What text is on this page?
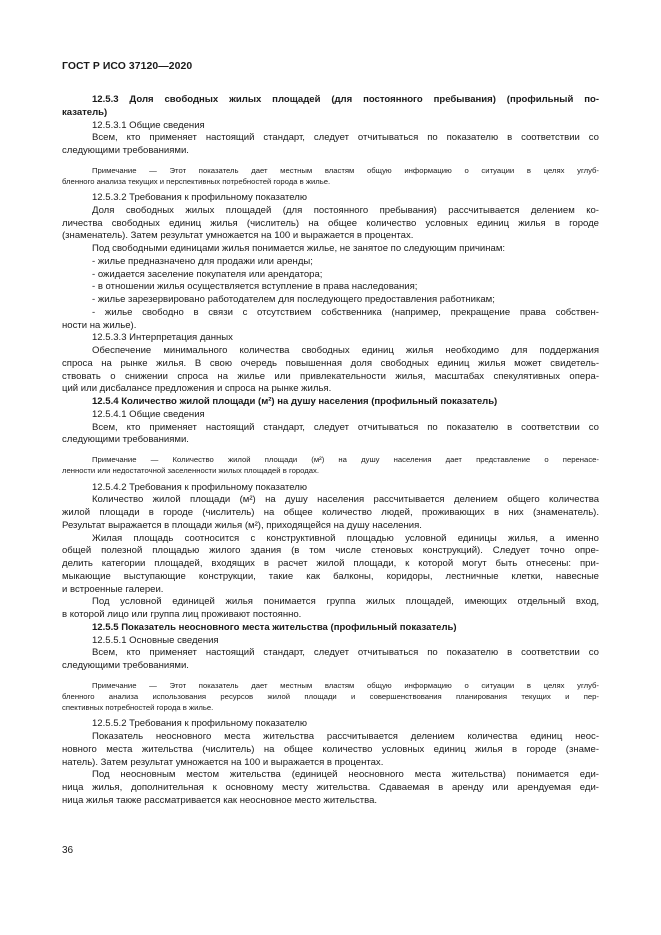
ГОСТ Р ИСО 37120—2020
12.5.3 Доля свободных жилых площадей (для постоянного пребывания) (профильный по-
казатель)
12.5.3.1 Общие сведения
Всем, кто применяет настоящий стандарт, следует отчитываться по показателю в соответствии со
следующими требованиями.
Примечание — Этот показатель дает местным властям общую информацию о ситуации в целях углуб-
бленного анализа текущих и перспективных потребностей города в жилье.
12.5.3.2 Требования к профильному показателю
Доля свободных жилых площадей (для постоянного пребывания) рассчитывается делением ко-
личества свободных единиц жилья (числитель) на общее количество условных единиц жилья в городе
(знаменатель). Затем результат умножается на 100 и выражается в процентах.
Под свободными единицами жилья понимается жилье, не занятое по следующим причинам:
- жилье предназначено для продажи или аренды;
- ожидается заселение покупателя или арендатора;
- в отношении жилья осуществляется вступление в права наследования;
- жилье зарезервировано работодателем для последующего предоставления работникам;
- жилье свободно в связи с отсутствием собственника (например, прекращение права собствен-
ности на жилье).
12.5.3.3 Интерпретация данных
Обеспечение минимального количества свободных единиц жилья необходимо для поддержания
спроса на рынке жилья. В свою очередь повышенная доля свободных единиц жилья может свидетель-
ствовать о снижении спроса на жилье или привлекательности жилья, масштабах спекулятивных опера-
ций или дисбалансе предложения и спроса на рынке жилья.
12.5.4 Количество жилой площади (м²) на душу населения (профильный показатель)
12.5.4.1 Общие сведения
Всем, кто применяет настоящий стандарт, следует отчитываться по показателю в соответствии со
следующими требованиями.
Примечание — Количество жилой площади (м²) на душу населения дает представление о перенасе-
ленности или недостаточной заселенности жилых площадей в городах.
12.5.4.2 Требования к профильному показателю
Количество жилой площади (м²) на душу населения рассчитывается делением общего количества
жилой площади в городе (числитель) на общее количество людей, проживающих в них (знаменатель).
Результат выражается в площади жилья (м²), приходящейся на душу населения.
Жилая площадь соотносится с конструктивной площадью условной единицы жилья, а именно
общей полезной площадью жилого здания (в том числе стеновых конструкций). Следует точно опре-
делить категории площадей, входящих в расчет жилой площади, к которой могут быть отнесены: при-
мыкающие выступающие конструкции, такие как балконы, коридоры, лестничные клетки, навесные
и встроенные галереи.
Под условной единицей жилья понимается группа жилых площадей, имеющих отдельный вход,
в которой лицо или группа лиц проживают постоянно.
12.5.5 Показатель неосновного места жительства (профильный показатель)
12.5.5.1 Основные сведения
Всем, кто применяет настоящий стандарт, следует отчитываться по показателю в соответствии со
следующими требованиями.
Примечание — Этот показатель дает местным властям общую информацию о ситуации в целях углуб-
бленного анализа использования ресурсов жилой площади и совершенствования планирования текущих и пер-
спективных потребностей города в жилье.
12.5.5.2 Требования к профильному показателю
Показатель неосновного места жительства рассчитывается делением количества единиц неос-
новного места жительства (числитель) на общее количество условных единиц жилья в городе (знаме-
натель). Затем результат умножается на 100 и выражается в процентах.
Под неосновным местом жительства (единицей неосновного места жительства) понимается еди-
ница жилья, дополнительная к основному месту жительства. Сдаваемая в аренду или арендуемая еди-
ница жилья также рассматривается как неосновное место жительства.
36
